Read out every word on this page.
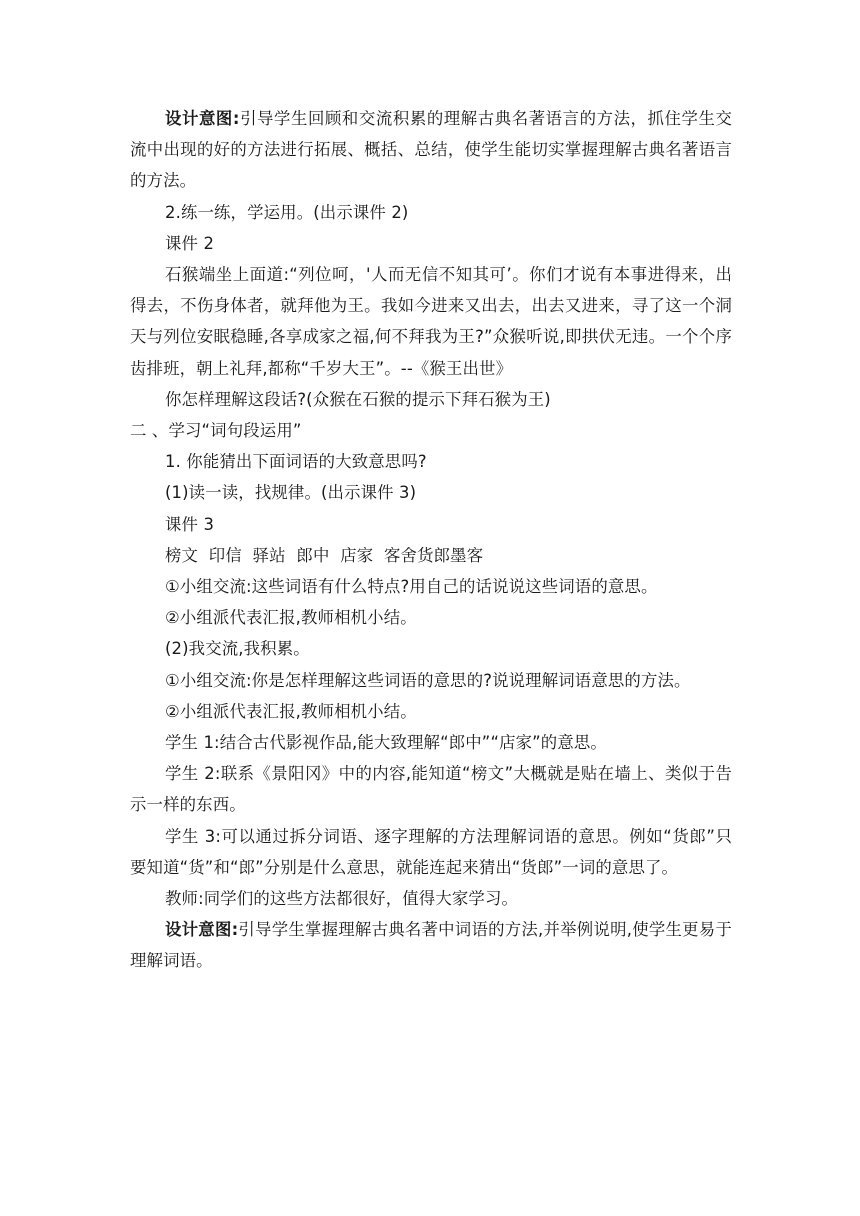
设计意图:引导学生回顾和交流积累的理解古典名著语言的方法，抓住学生交流中出现的好的方法进行拓展、概括、总结，使学生能切实掌握理解古典名著语言的方法。

2.练一练，学运用。(出示课件 2)

课件 2

石猴端坐上面道:“列位呵，'人而无信不知其可’。你们才说有本事进得来，出得去，不伤身体者，就拜他为王。我如今进来又出去，出去又进来，寻了这一个洞天与列位安眠稳睡,各享成家之福,何不拜我为王?”众猴听说,即拱伏无违。一个个序齿排班，朝上礼拜,都称“千岁大王”。--《猴王出世》

你怎样理解这段话?(众猴在石猴的提示下拜石猴为王)

二 、学习“词句段运用”

1. 你能猜出下面词语的大致意思吗?

(1)读一读，找规律。(出示课件 3)

课件 3

榜文  印信  驿站  郎中  店家  客舍货郎墨客

①小组交流:这些词语有什么特点?用自己的话说说这些词语的意思。

②小组派代表汇报,教师相机小结。

(2)我交流,我积累。

①小组交流:你是怎样理解这些词语的意思的?说说理解词语意思的方法。

②小组派代表汇报,教师相机小结。

学生 1:结合古代影视作品,能大致理解“郎中”“店家”的意思。

学生 2:联系《景阳冈》中的内容,能知道“榜文”大概就是贴在墙上、类似于告示一样的东西。

学生 3:可以通过拆分词语、逐字理解的方法理解词语的意思。例如“货郎”只要知道“货”和“郎”分别是什么意思，就能连起来猜出“货郎”一词的意思了。

教师:同学们的这些方法都很好，值得大家学习。

设计意图:引导学生掌握理解古典名著中词语的方法,并举例说明,使学生更易于理解词语。
